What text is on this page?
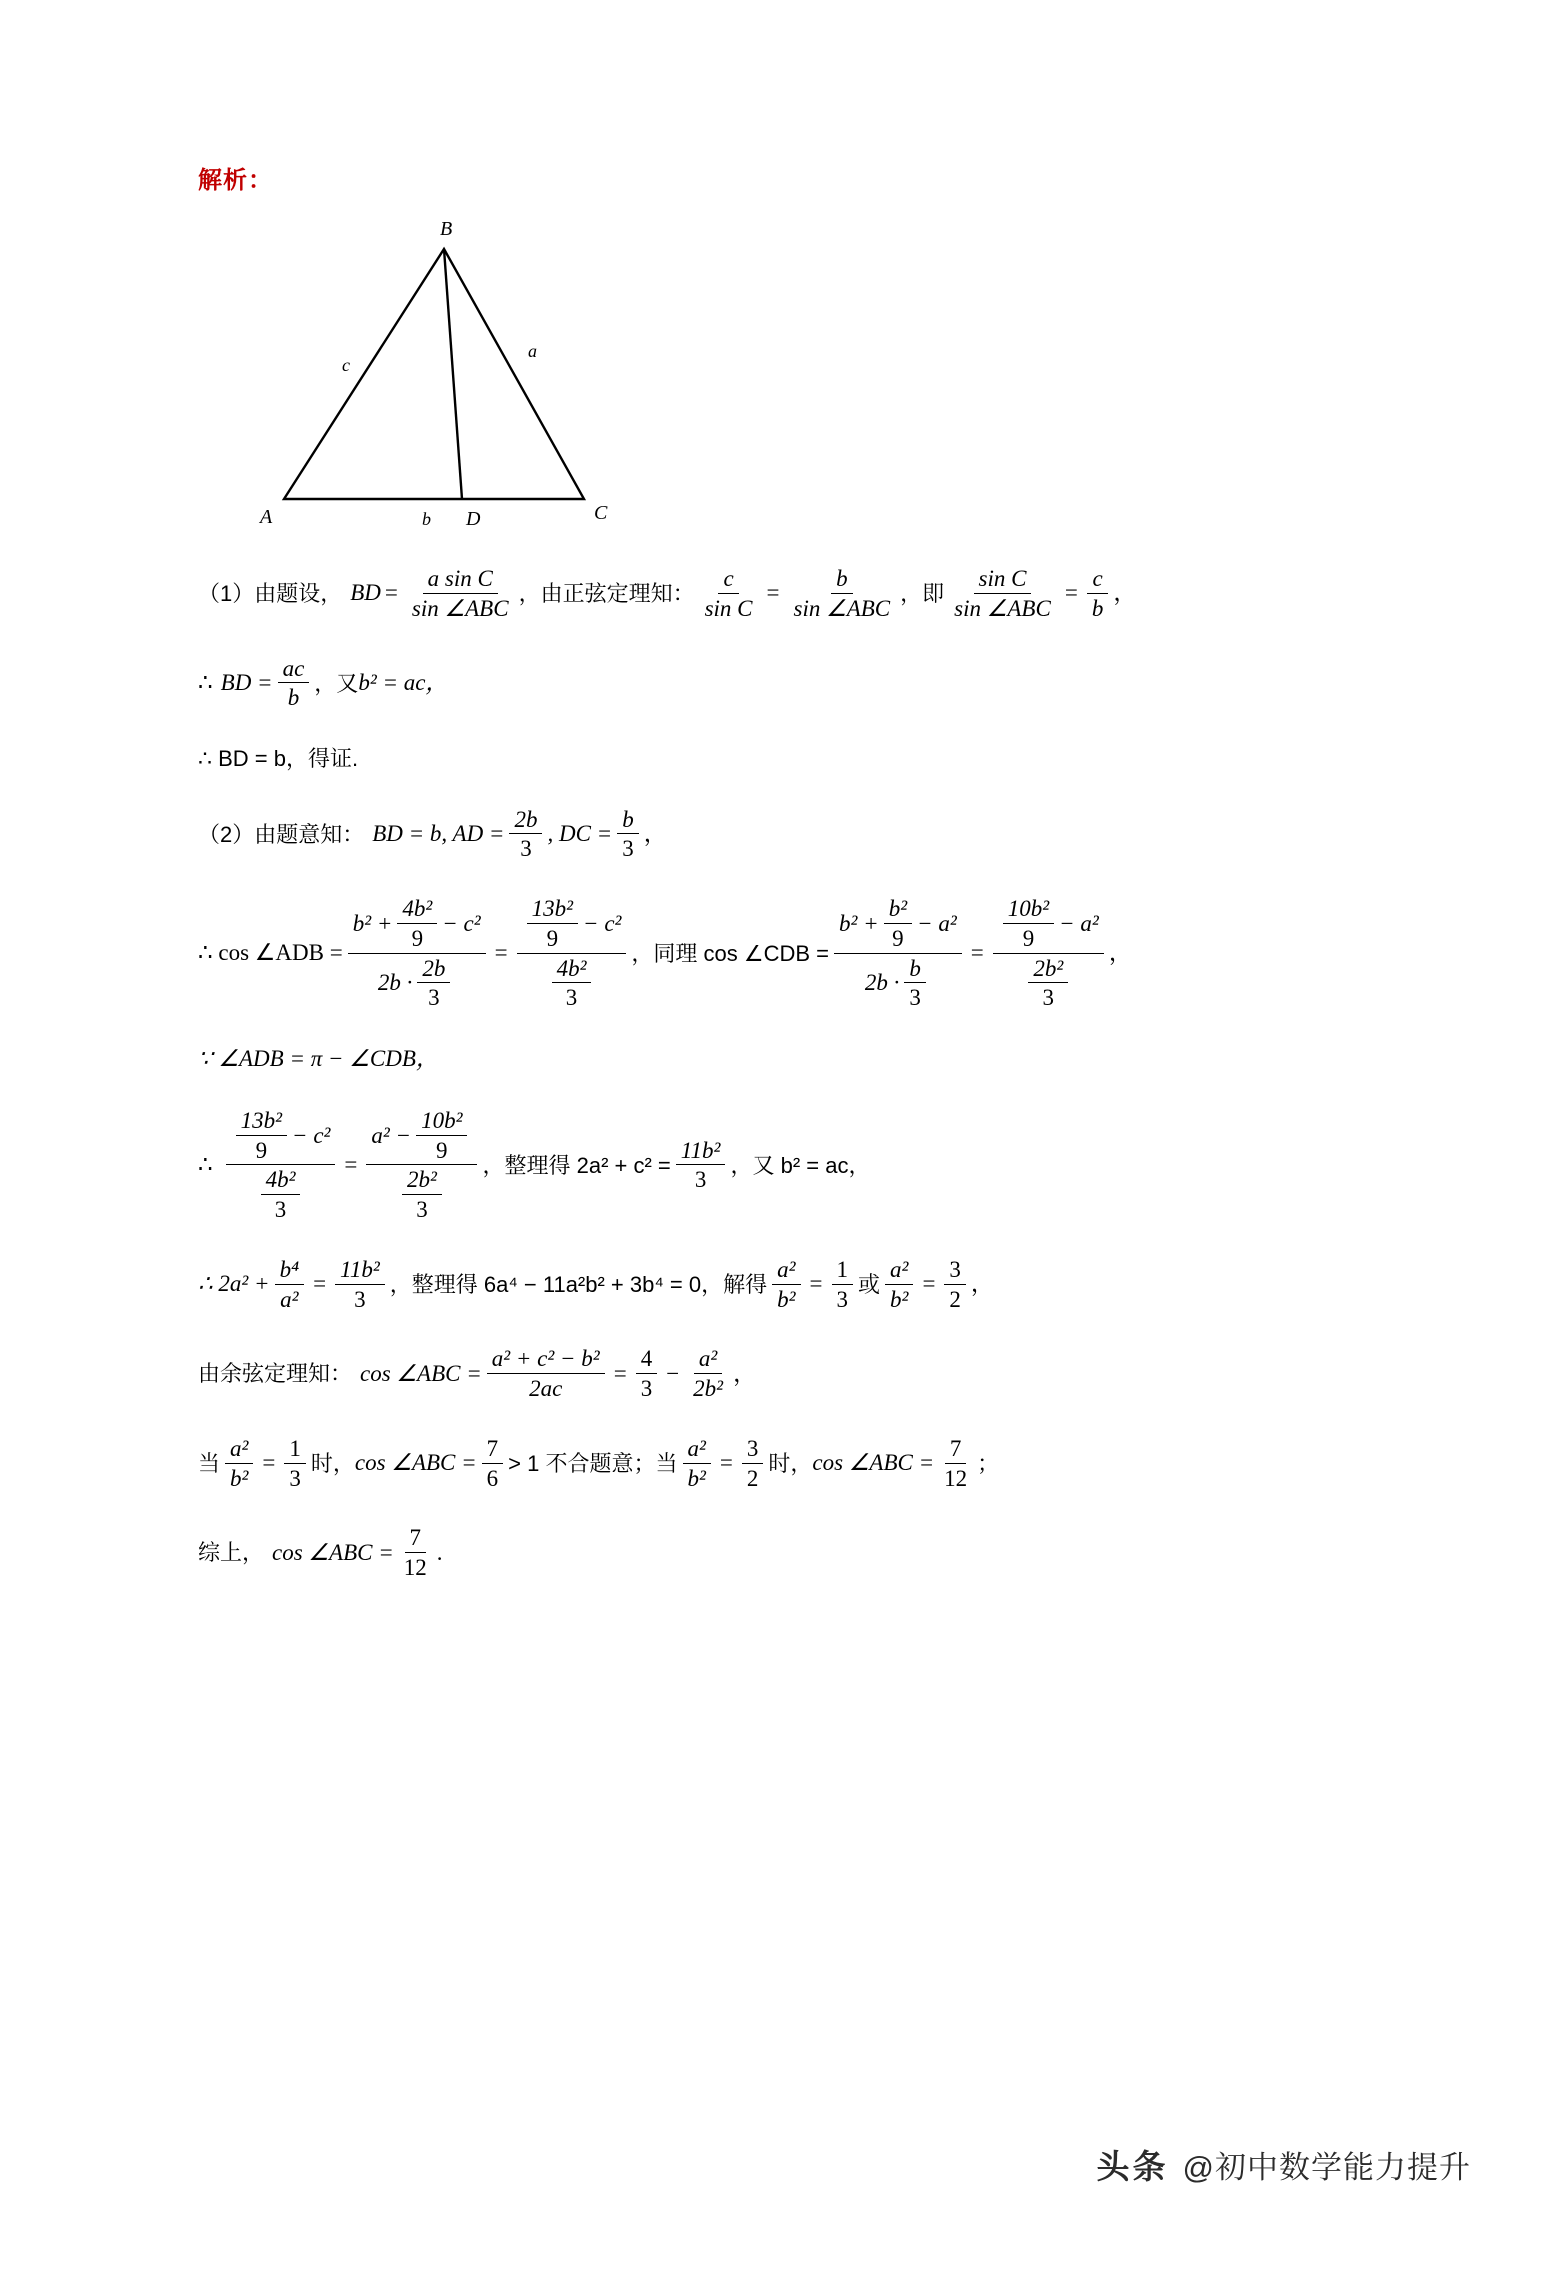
解析：
B
A	C
D
c
a
b
（1）由题设， BD = $\frac{\text{a sin C}}{\text{sin ∠ABC}}$ ，由正弦定理知： $\frac{c}{\text{sin C}} = \frac{b}{\text{sin ∠ABC}}$ ，即 $\frac{\text{sin C}}{\text{sin ∠ABC}} = \frac{c}{b}$ ，
∴ BD = $\frac{ac}{b}$ ，又 b² = ac，
∴ BD = b，得证.
（2）由题意知： BD = b, AD = $\frac{2b}{3}$ , DC = $\frac{b}{3}$ ，
∴ cos ∠ADB =
$b^2 + \frac{\text{4b²}}{9} - c^2$
$2b \cdot \frac{2b}{3}$
= $\frac{\frac{\text{13b²}}{9} - c^2}{\frac{\text{4b²}}{3}}$ ，同理 cos ∠CDB =
$b^2 + \frac{\text{b²}}{9} - a^2$
$2b \cdot \frac{b}{3}$
= $\frac{\frac{\text{10b²}}{9} - a^2}{\frac{\text{2b²}}{3}}$ ，
∵ ∠ADB = π − ∠CDB，
∴ $\frac{\frac{\text{13b²}}{9} - c^2}{\frac{\text{4b²}}{3}} = \frac{a^2 - \frac{\text{10b²}}{9}}{\frac{\text{2b²}}{3}}$ ，整理得 $2a^2 + c^2 = \frac{\text{11b²}}{3}$ ，又 b² = ac，
∴ $2a^2 + \frac{\text{b⁴}}{\text{a²}} = \frac{\text{11b²}}{3}$ ，整理得 6a⁴ − 11a²b² + 3b⁴ = 0，解得 $\frac{\text{a²}}{\text{b²}} = \frac{1}{3}$ 或 $\frac{\text{a²}}{\text{b²}} = \frac{3}{2}$ ，
由余弦定理知： cos ∠ABC = $\frac{\text{a² + c² − b²}}{2ac} = \frac{4}{3} - \frac{\text{a²}}{\text{2b²}}$ ，
当 $\frac{\text{a²}}{\text{b²}} = \frac{1}{3}$ 时， cos ∠ABC = $\frac{7}{6} > 1$ 不合题意； 当 $\frac{\text{a²}}{\text{b²}} = \frac{3}{2}$ 时， cos ∠ABC = $\frac{7}{12}$ ；
综上， cos ∠ABC = $\frac{7}{12}$ .
头条 @初中数学能力提升
